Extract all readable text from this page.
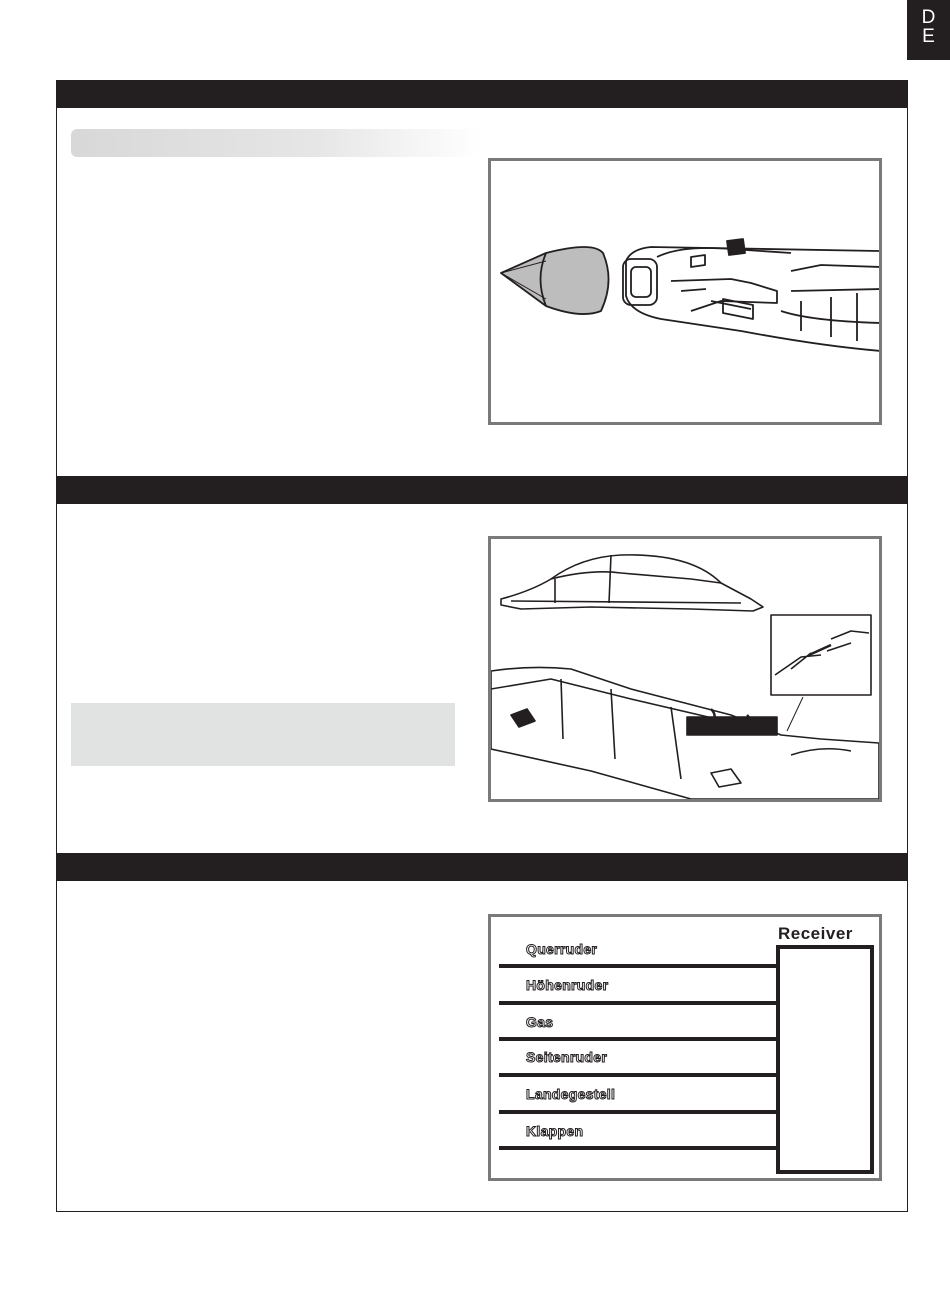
D
E
Receiver
Querruder
Höhenruder
Gas
Seitenruder
Landegestell
Klappen
